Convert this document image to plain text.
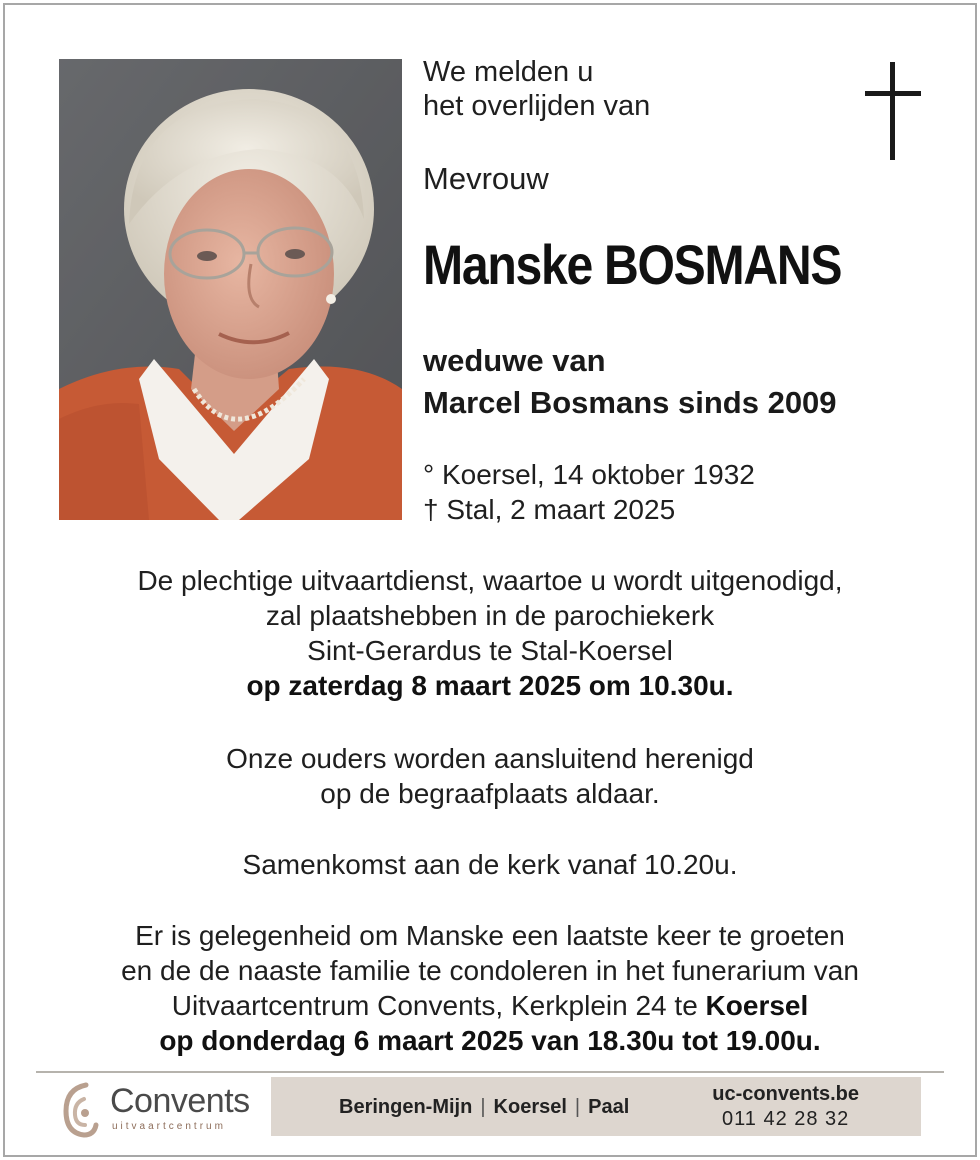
We melden u
het overlijden van
Mevrouw
Manske BOSMANS
weduwe van
Marcel Bosmans sinds 2009
° Koersel, 14 oktober 1932
† Stal, 2 maart 2025
De plechtige uitvaartdienst, waartoe u wordt uitgenodigd,
zal plaatshebben in de parochiekerk
Sint-Gerardus te Stal-Koersel
op zaterdag 8 maart 2025 om 10.30u.
Onze ouders worden aansluitend herenigd
op de begraafplaats aldaar.
Samenkomst aan de kerk vanaf 10.20u.
Er is gelegenheid om Manske een laatste keer te groeten
en de de naaste familie te condoleren in het funerarium van
Uitvaartcentrum Convents, Kerkplein 24 te Koersel
op donderdag 6 maart 2025 van 18.30u tot 19.00u.
Convents
uitvaartcentrum
Beringen-Mijn | Koersel | Paal
uc-convents.be
011 42 28 32
